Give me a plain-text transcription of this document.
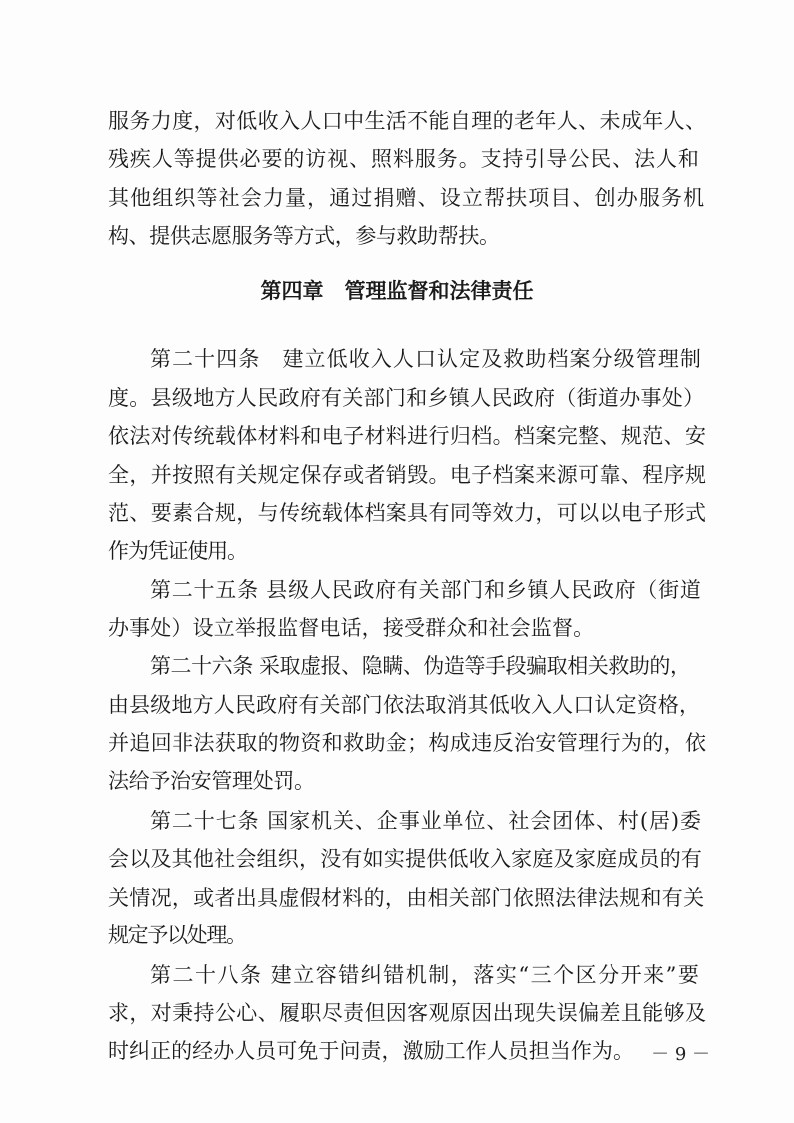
服务力度，对低收入人口中生活不能自理的老年人、未成年人、

残疾人等提供必要的访视、照料服务。支持引导公民、法人和

其他组织等社会力量，通过捐赠、设立帮扶项目、创办服务机

构、提供志愿服务等方式，参与救助帮扶。

第四章　管理监督和法律责任

第二十四条　建立低收入人口认定及救助档案分级管理制

度。县级地方人民政府有关部门和乡镇人民政府（街道办事处）

依法对传统载体材料和电子材料进行归档。档案完整、规范、安

全，并按照有关规定保存或者销毁。电子档案来源可靠、程序规

范、要素合规，与传统载体档案具有同等效力，可以以电子形式

作为凭证使用。

第二十五条 县级人民政府有关部门和乡镇人民政府（街道

办事处）设立举报监督电话，接受群众和社会监督。

第二十六条 采取虚报、隐瞒、伪造等手段骗取相关救助的，

由县级地方人民政府有关部门依法取消其低收入人口认定资格，

并追回非法获取的物资和救助金；构成违反治安管理行为的，依

法给予治安管理处罚。

第二十七条 国家机关、企事业单位、社会团体、村(居)委

会以及其他社会组织，没有如实提供低收入家庭及家庭成员的有

关情况，或者出具虚假材料的，由相关部门依照法律法规和有关

规定予以处理。

第二十八条 建立容错纠错机制，落实“三个区分开来”要

求，对秉持公心、履职尽责但因客观原因出现失误偏差且能够及

时纠正的经办人员可免于问责，激励工作人员担当作为。 － 9 －
